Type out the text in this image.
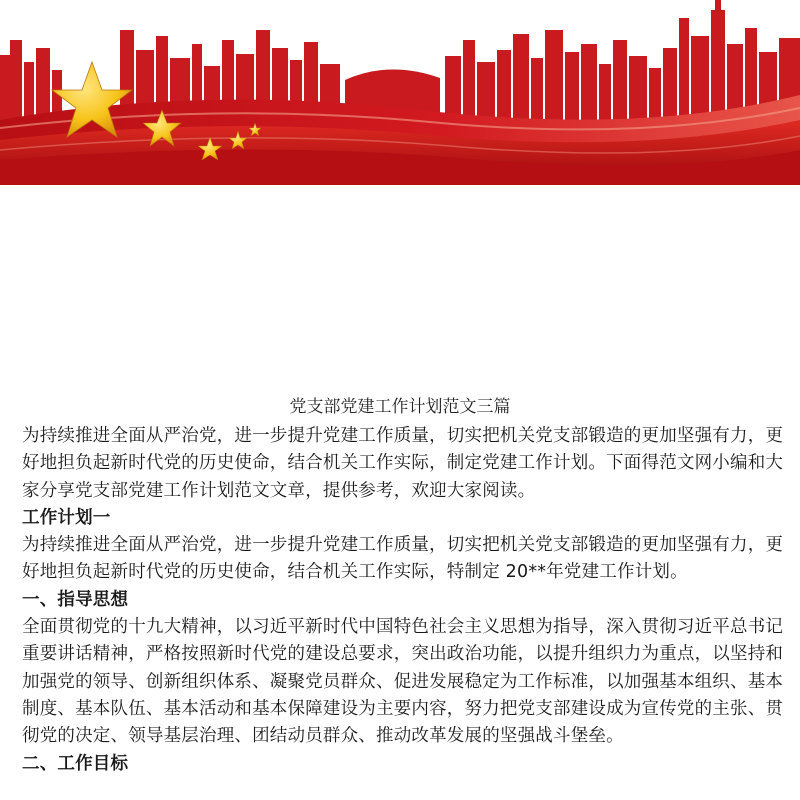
党支部党建工作计划范文三篇

为持续推进全面从严治党，进一步提升党建工作质量，切实把机关党支部锻造的更加坚强有力，更好地担负起新时代党的历史使命，结合机关工作实际，制定党建工作计划。下面得范文网小编和大家分享党支部党建工作计划范文文章，提供参考，欢迎大家阅读。

工作计划一

为持续推进全面从严治党，进一步提升党建工作质量，切实把机关党支部锻造的更加坚强有力，更好地担负起新时代党的历史使命，结合机关工作实际，特制定 20**年党建工作计划。

一、指导思想

全面贯彻党的十九大精神，以习近平新时代中国特色社会主义思想为指导，深入贯彻习近平总书记重要讲话精神，严格按照新时代党的建设总要求，突出政治功能，以提升组织力为重点，以坚持和加强党的领导、创新组织体系、凝聚党员群众、促进发展稳定为工作标准，以加强基本组织、基本制度、基本队伍、基本活动和基本保障建设为主要内容，努力把党支部建设成为宣传党的主张、贯彻党的决定、领导基层治理、团结动员群众、推动改革发展的坚强战斗堡垒。

二、工作目标
